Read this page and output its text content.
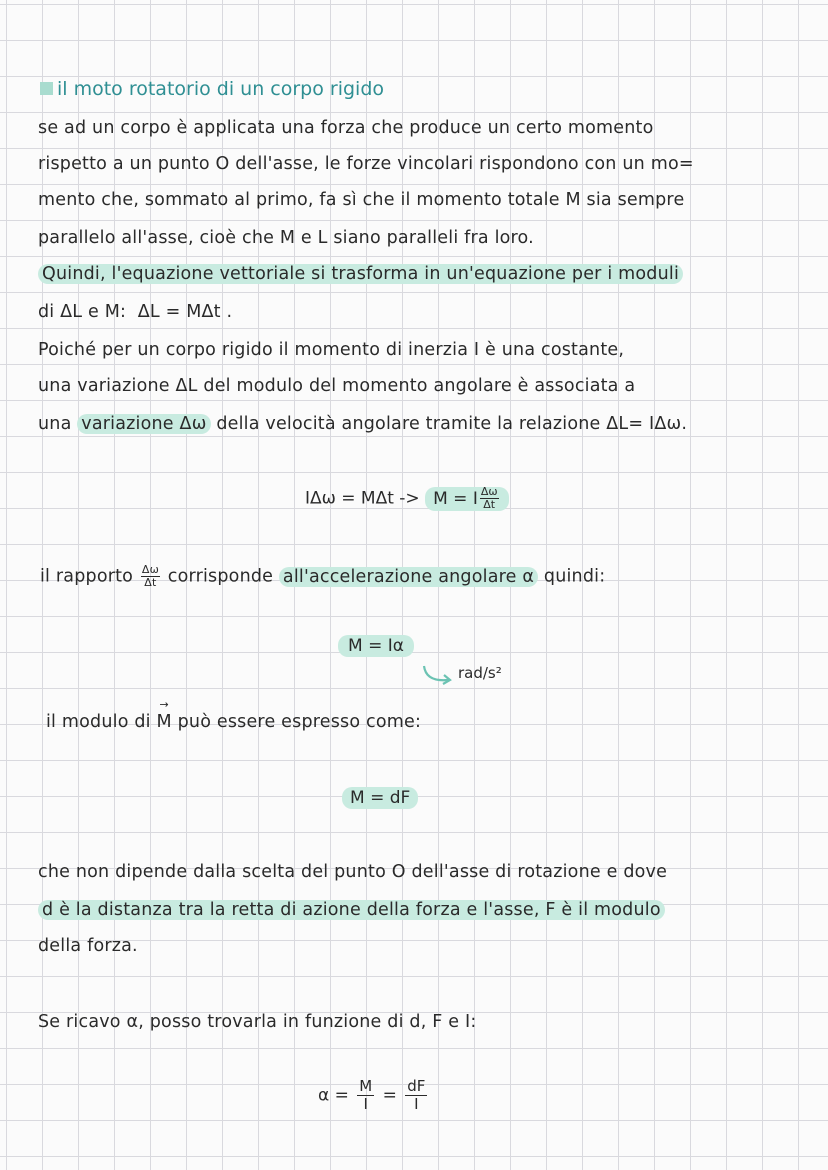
il moto rotatorio di un corpo rigido
se ad un corpo è applicata una forza che produce un certo momento
rispetto a un punto O dell'asse, le forze vincolari rispondono con un mo=
mento che, sommato al primo, fa sì che il momento totale M sia sempre
parallelo all'asse, cioè che M e L siano paralleli fra loro.
Quindi, l'equazione vettoriale si trasforma in un'equazione per i moduli
di ΔL e M: ΔL = MΔt .
Poiché per un corpo rigido il momento di inerzia I è una costante,
una variazione ΔL del modulo del momento angolare è associata a
una variazione Δω della velocità angolare tramite la relazione ΔL= IΔω.
IΔω = MΔt -> M = I $\frac{\Delta\omega}{\Delta t}$
il rapporto $\frac{\Delta\omega}{\Delta t}$ corrisponde all'accelerazione angolare α quindi:
M = Iα
rad/s²
il modulo di → M può essere espresso come:
M = dF
che non dipende dalla scelta del punto O dell'asse di rotazione e dove
d è la distanza tra la retta di azione della forza e l'asse, F è il modulo
della forza.
Se ricavo α, posso trovarla in funzione di d, F e I:
$\alpha = \frac{M}{I} = \frac{dF}{I}$
